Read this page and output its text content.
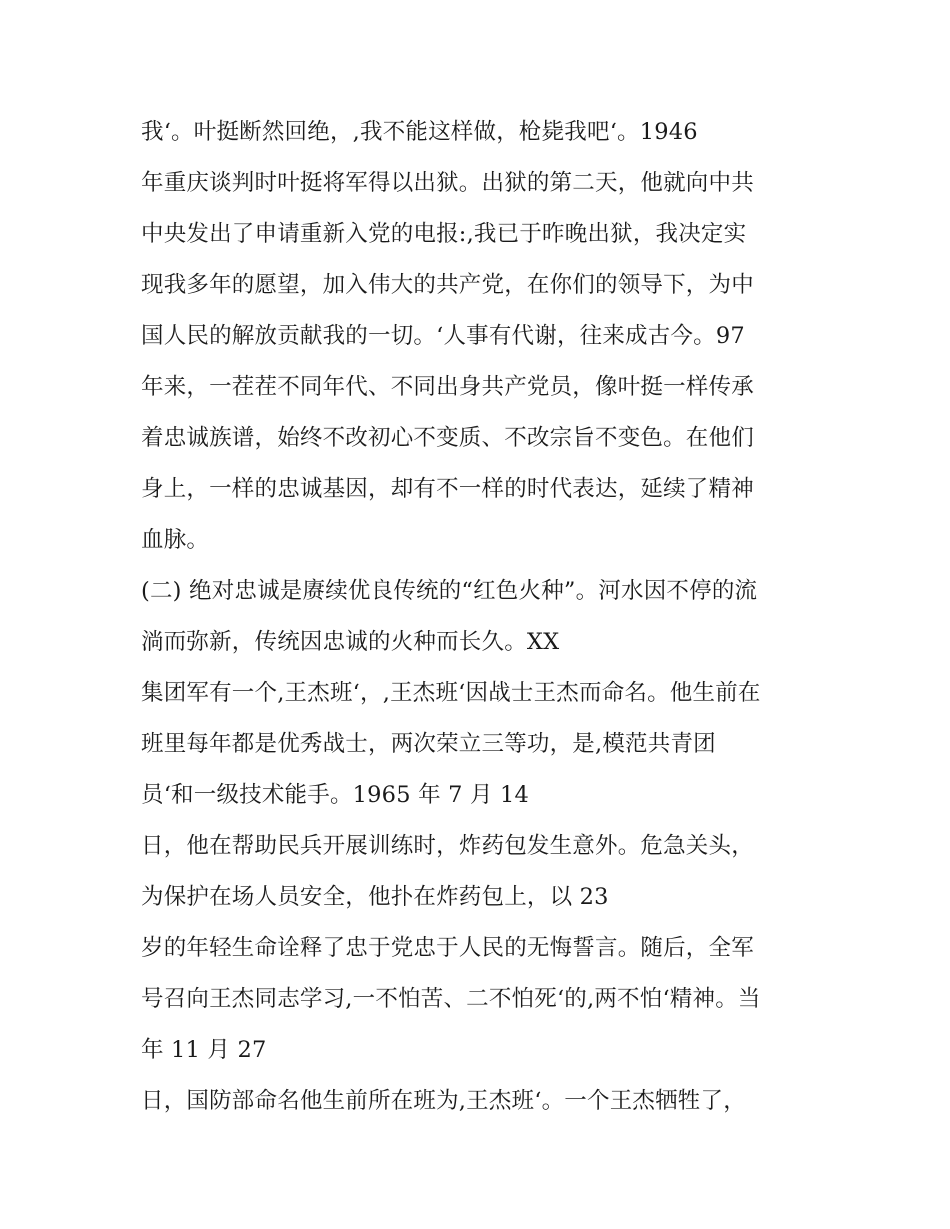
我‘。叶挺断然回绝，,我不能这样做，枪毙我吧‘。1946
年重庆谈判时叶挺将军得以出狱。出狱的第二天，他就向中共
中央发出了申请重新入党的电报:,我已于昨晚出狱，我决定实
现我多年的愿望，加入伟大的共产党，在你们的领导下，为中
国人民的解放贡献我的一切。‘人事有代谢，往来成古今。97
年来，一茬茬不同年代、不同出身共产党员，像叶挺一样传承
着忠诚族谱，始终不改初心不变质、不改宗旨不变色。在他们
身上，一样的忠诚基因，却有不一样的时代表达，延续了精神
血脉。
(二) 绝对忠诚是赓续优良传统的“红色火种”。河水因不停的流
淌而弥新，传统因忠诚的火种而长久。XX
集团军有一个,王杰班‘，,王杰班‘因战士王杰而命名。他生前在
班里每年都是优秀战士，两次荣立三等功，是,模范共青团
员‘和一级技术能手。1965 年 7 月 14
日，他在帮助民兵开展训练时，炸药包发生意外。危急关头，
为保护在场人员安全，他扑在炸药包上，以 23
岁的年轻生命诠释了忠于党忠于人民的无悔誓言。随后，全军
号召向王杰同志学习,一不怕苦、二不怕死‘的,两不怕‘精神。当
年 11 月 27
日，国防部命名他生前所在班为,王杰班‘。一个王杰牺牲了，
